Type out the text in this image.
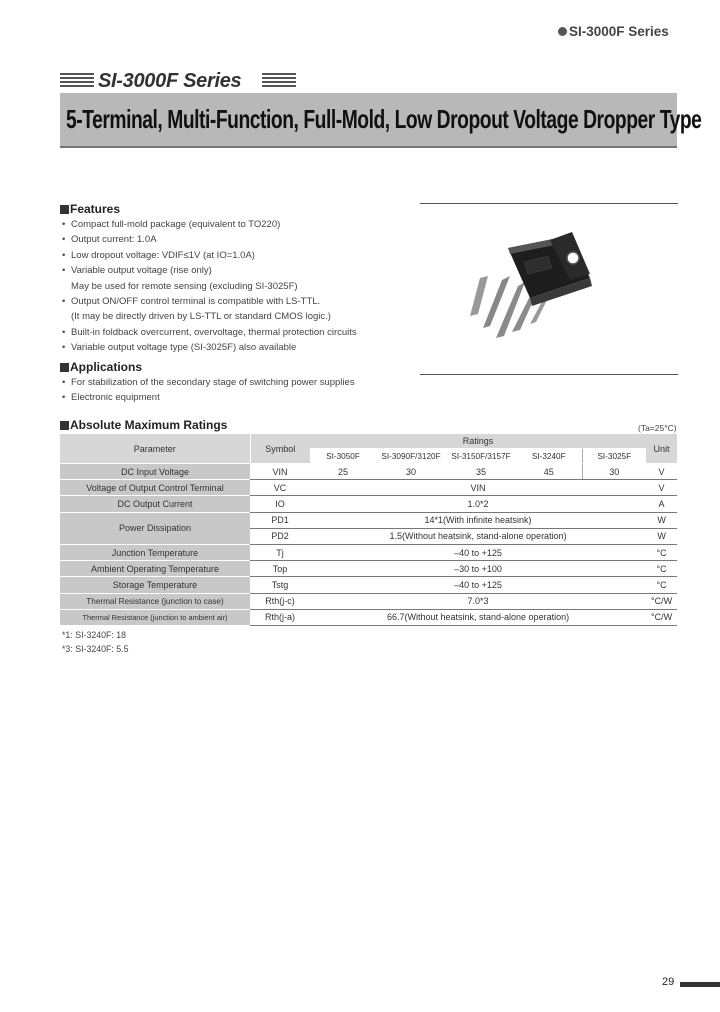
SI-3000F Series
SI-3000F Series
5-Terminal, Multi-Function, Full-Mold, Low Dropout Voltage Dropper Type
Features
• Compact full-mold package (equivalent to TO220)
• Output current: 1.0A
• Low dropout voltage: VDIF≤1V (at IO=1.0A)
• Variable output voltage (rise only)
May be used for remote sensing (excluding SI-3025F)
• Output ON/OFF control terminal is compatible with LS-TTL.
(It may be directly driven by LS-TTL or standard CMOS logic.)
• Built-in foldback overcurrent, overvoltage, thermal protection circuits
• Variable output voltage type (SI-3025F) also available
Applications
• For stabilization of the secondary stage of switching power supplies
• Electronic equipment
Absolute Maximum Ratings	(Ta=25°C)
Parameter	Symbol	Ratings					Unit
		SI-3050F	SI-3090F/3120F	SI-3150F/3157F	SI-3240F	SI-3025F	
DC Input Voltage	VIN	25	30	35	45	30	V
Voltage of Output Control Terminal	VC	VIN					V
DC Output Current	IO	1.0*2					A
Power Dissipation	PD1	14*1(With infinite heatsink)					W
	PD2	1.5(Without heatsink, stand-alone operation)					W
Junction Temperature	Tj	–40 to +125					°C
Ambient Operating Temperature	Top	–30 to +100					°C
Storage Temperature	Tstg	–40 to +125					°C
Thermal Resistance (junction to case)	Rth(j-c)	7.0*3					°C/W
Thermal Resistance (junction to ambient air)	Rth(j-a)	66.7(Without heatsink, stand-alone operation)					°C/W
*1: SI-3240F: 18
*3: SI-3240F: 5.5
29
